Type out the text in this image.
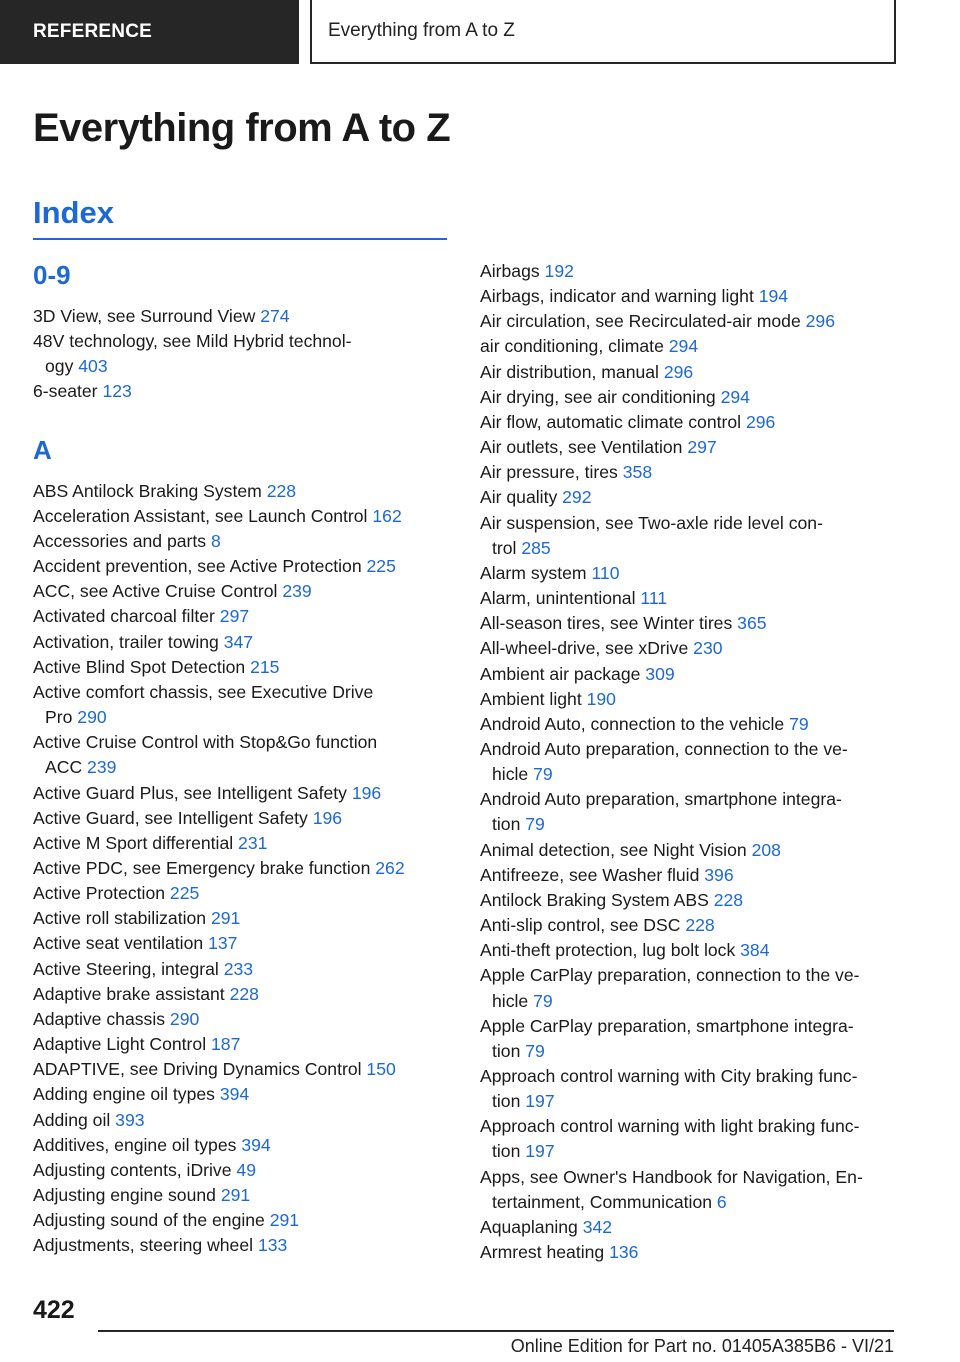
REFERENCE	Everything from A to Z
Everything from A to Z
Index
0-9
3D View, see Surround View 274
48V technology, see Mild Hybrid technol-
ogy 403
6-seater 123
A
ABS Antilock Braking System 228
Acceleration Assistant, see Launch Control 162
Accessories and parts 8
Accident prevention, see Active Protection 225
ACC, see Active Cruise Control 239
Activated charcoal filter 297
Activation, trailer towing 347
Active Blind Spot Detection 215
Active comfort chassis, see Executive Drive
Pro 290
Active Cruise Control with Stop&Go function
ACC 239
Active Guard Plus, see Intelligent Safety 196
Active Guard, see Intelligent Safety 196
Active M Sport differential 231
Active PDC, see Emergency brake function 262
Active Protection 225
Active roll stabilization 291
Active seat ventilation 137
Active Steering, integral 233
Adaptive brake assistant 228
Adaptive chassis 290
Adaptive Light Control 187
ADAPTIVE, see Driving Dynamics Control 150
Adding engine oil types 394
Adding oil 393
Additives, engine oil types 394
Adjusting contents, iDrive 49
Adjusting engine sound 291
Adjusting sound of the engine 291
Adjustments, steering wheel 133
Airbags 192
Airbags, indicator and warning light 194
Air circulation, see Recirculated-air mode 296
air conditioning, climate 294
Air distribution, manual 296
Air drying, see air conditioning 294
Air flow, automatic climate control 296
Air outlets, see Ventilation 297
Air pressure, tires 358
Air quality 292
Air suspension, see Two-axle ride level con-
trol 285
Alarm system 110
Alarm, unintentional 111
All-season tires, see Winter tires 365
All-wheel-drive, see xDrive 230
Ambient air package 309
Ambient light 190
Android Auto, connection to the vehicle 79
Android Auto preparation, connection to the ve-
hicle 79
Android Auto preparation, smartphone integra-
tion 79
Animal detection, see Night Vision 208
Antifreeze, see Washer fluid 396
Antilock Braking System ABS 228
Anti-slip control, see DSC 228
Anti-theft protection, lug bolt lock 384
Apple CarPlay preparation, connection to the ve-
hicle 79
Apple CarPlay preparation, smartphone integra-
tion 79
Approach control warning with City braking func-
tion 197
Approach control warning with light braking func-
tion 197
Apps, see Owner's Handbook for Navigation, En-
tertainment, Communication 6
Aquaplaning 342
Armrest heating 136
422
Online Edition for Part no. 01405A385B6 - VI/21
